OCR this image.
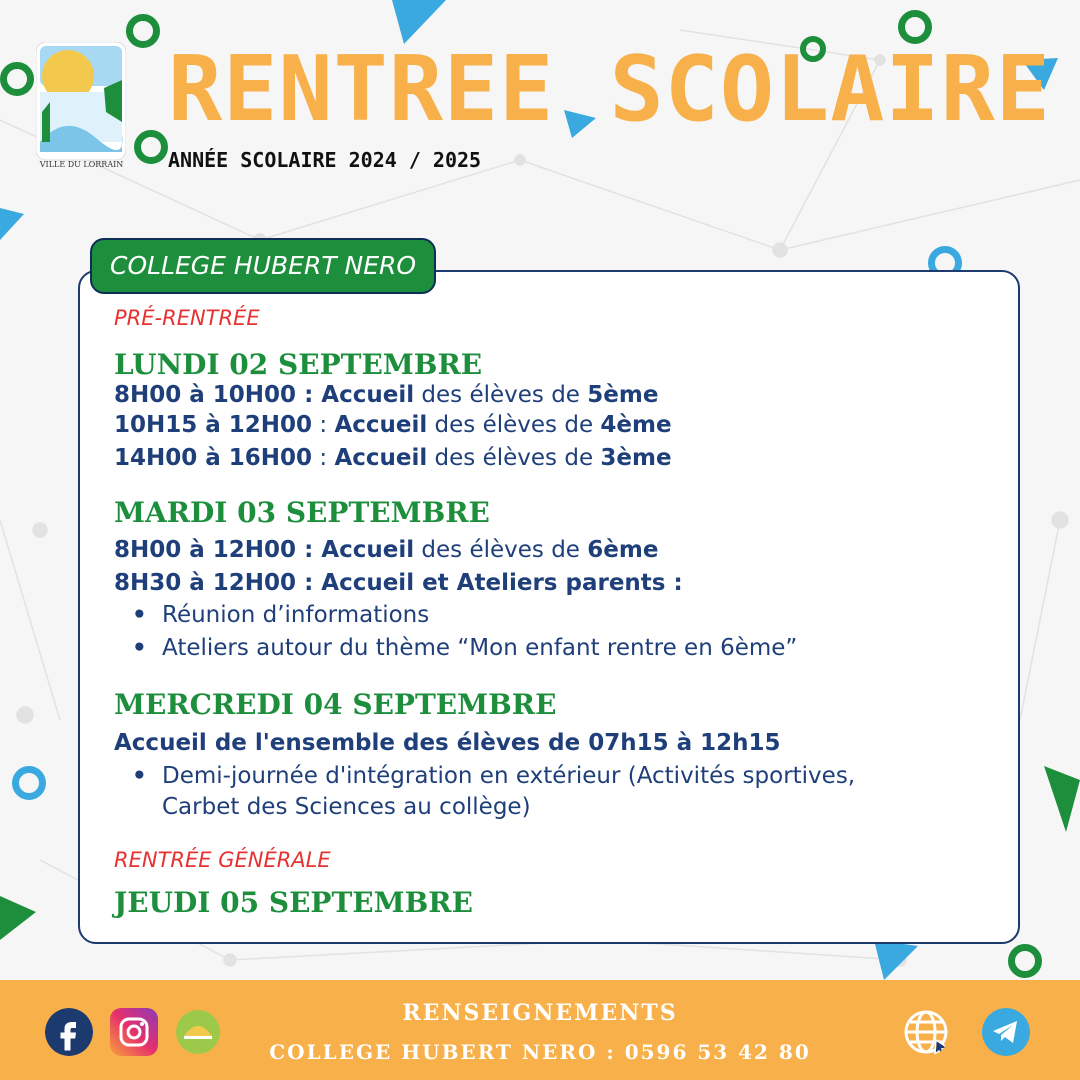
VILLE DU LORRAIN
RENTREE SCOLAIRE
ANNÉE SCOLAIRE 2024 / 2025
COLLEGE HUBERT NERO
PRÉ-RENTRÉE
LUNDI 02 SEPTEMBRE
8H00 à 10H00 : Accueil des élèves de 5ème
10H15 à 12H00 : Accueil des élèves de 4ème
14H00 à 16H00 : Accueil des élèves de 3ème
MARDI 03 SEPTEMBRE
8H00 à 12H00 : Accueil des élèves de 6ème
8H30 à 12H00 : Accueil et Ateliers parents :
• Réunion d’informations
• Ateliers autour du thème “Mon enfant rentre en 6ème”
MERCREDI 04 SEPTEMBRE
Accueil de l'ensemble des élèves de 07h15 à 12h15
• Demi-journée d'intégration en extérieur (Activités sportives, Carbet des Sciences au collège)
RENTRÉE GÉNÉRALE
JEUDI 05 SEPTEMBRE
RENSEIGNEMENTS
COLLEGE HUBERT NERO : 0596 53 42 80
